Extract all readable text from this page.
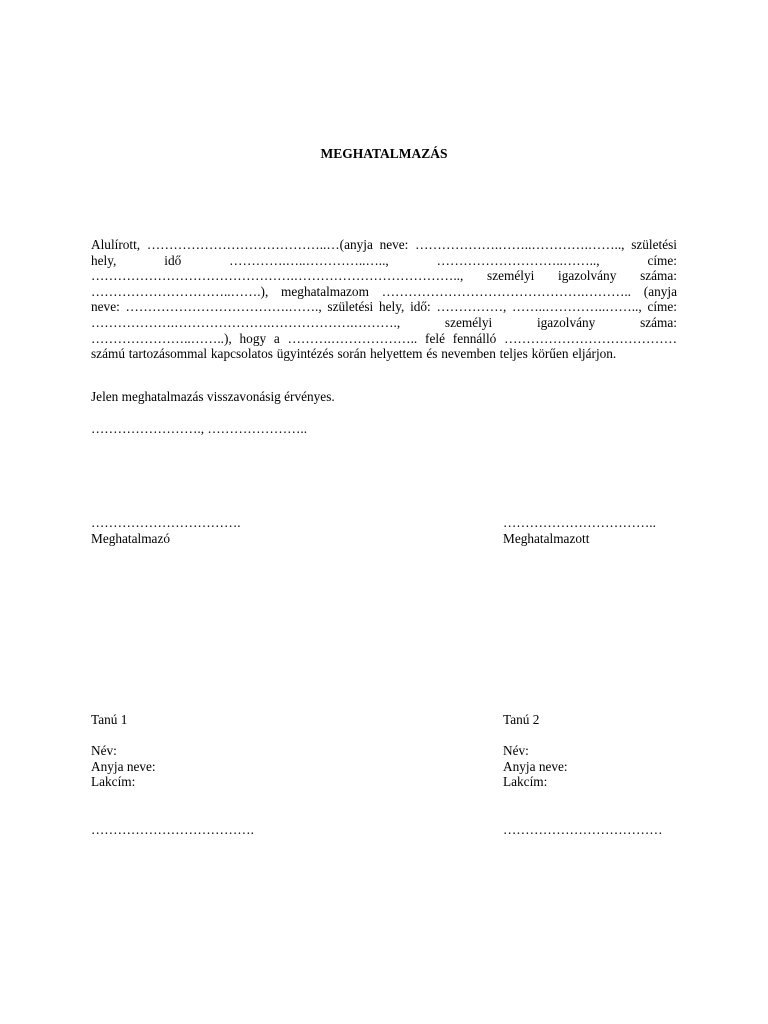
MEGHATALMAZÁS

Alulírott, …………………………………..…(anyja neve: ……………….……..………….…….., születési hely, idő ………….…..…………..….., ………………………..…….., címe: ……………………………………….……………………………….., személyi igazolvány száma: …………………………..…….), meghatalmazom ……………………………………….……….. (anyja neve: ……………………………….……., születési hely, idő: ……………, ……..…………..…….., címe: ……………….………………….……………….………., személyi igazolvány száma: …………………..……..), hogy a ……….……………….. felé fennálló …………………………………számú tartozásommal kapcsolatos ügyintézés során helyettem és nevemben teljes körűen eljárjon.

Jelen meghatalmazás visszavonásig érvényes.
……………………., …………………..
…………………………….
Meghatalmazó
……………………………..
Meghatalmazott
Tanú 1
Név:
Anyja neve:
Lakcím:
Tanú 2
Név:
Anyja neve:
Lakcím:
……………………………….	………………………………
